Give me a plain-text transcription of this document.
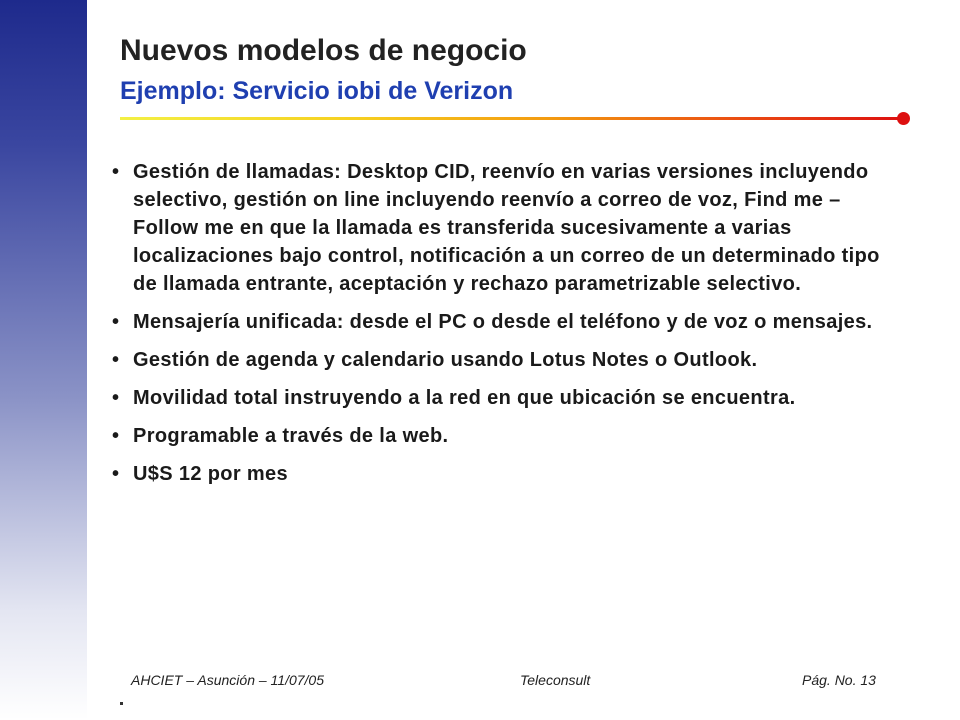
Nuevos modelos de negocio
Ejemplo: Servicio iobi de Verizon
• Gestión de llamadas: Desktop CID, reenvío en varias versiones incluyendo selectivo, gestión on line incluyendo reenvío a correo de voz, Find me – Follow me en que la llamada es transferida sucesivamente a varias localizaciones bajo control, notificación a un correo de un determinado tipo de llamada entrante, aceptación y rechazo parametrizable selectivo.
• Mensajería unificada: desde el PC o desde el teléfono y de voz o mensajes.
• Gestión de agenda y calendario usando Lotus Notes o Outlook.
• Movilidad total instruyendo a la red en que ubicación se encuentra.
• Programable a través de la web.
• U$S 12 por mes
AHCIET – Asunción – 11/07/05	Teleconsult	Pág. No. 13
